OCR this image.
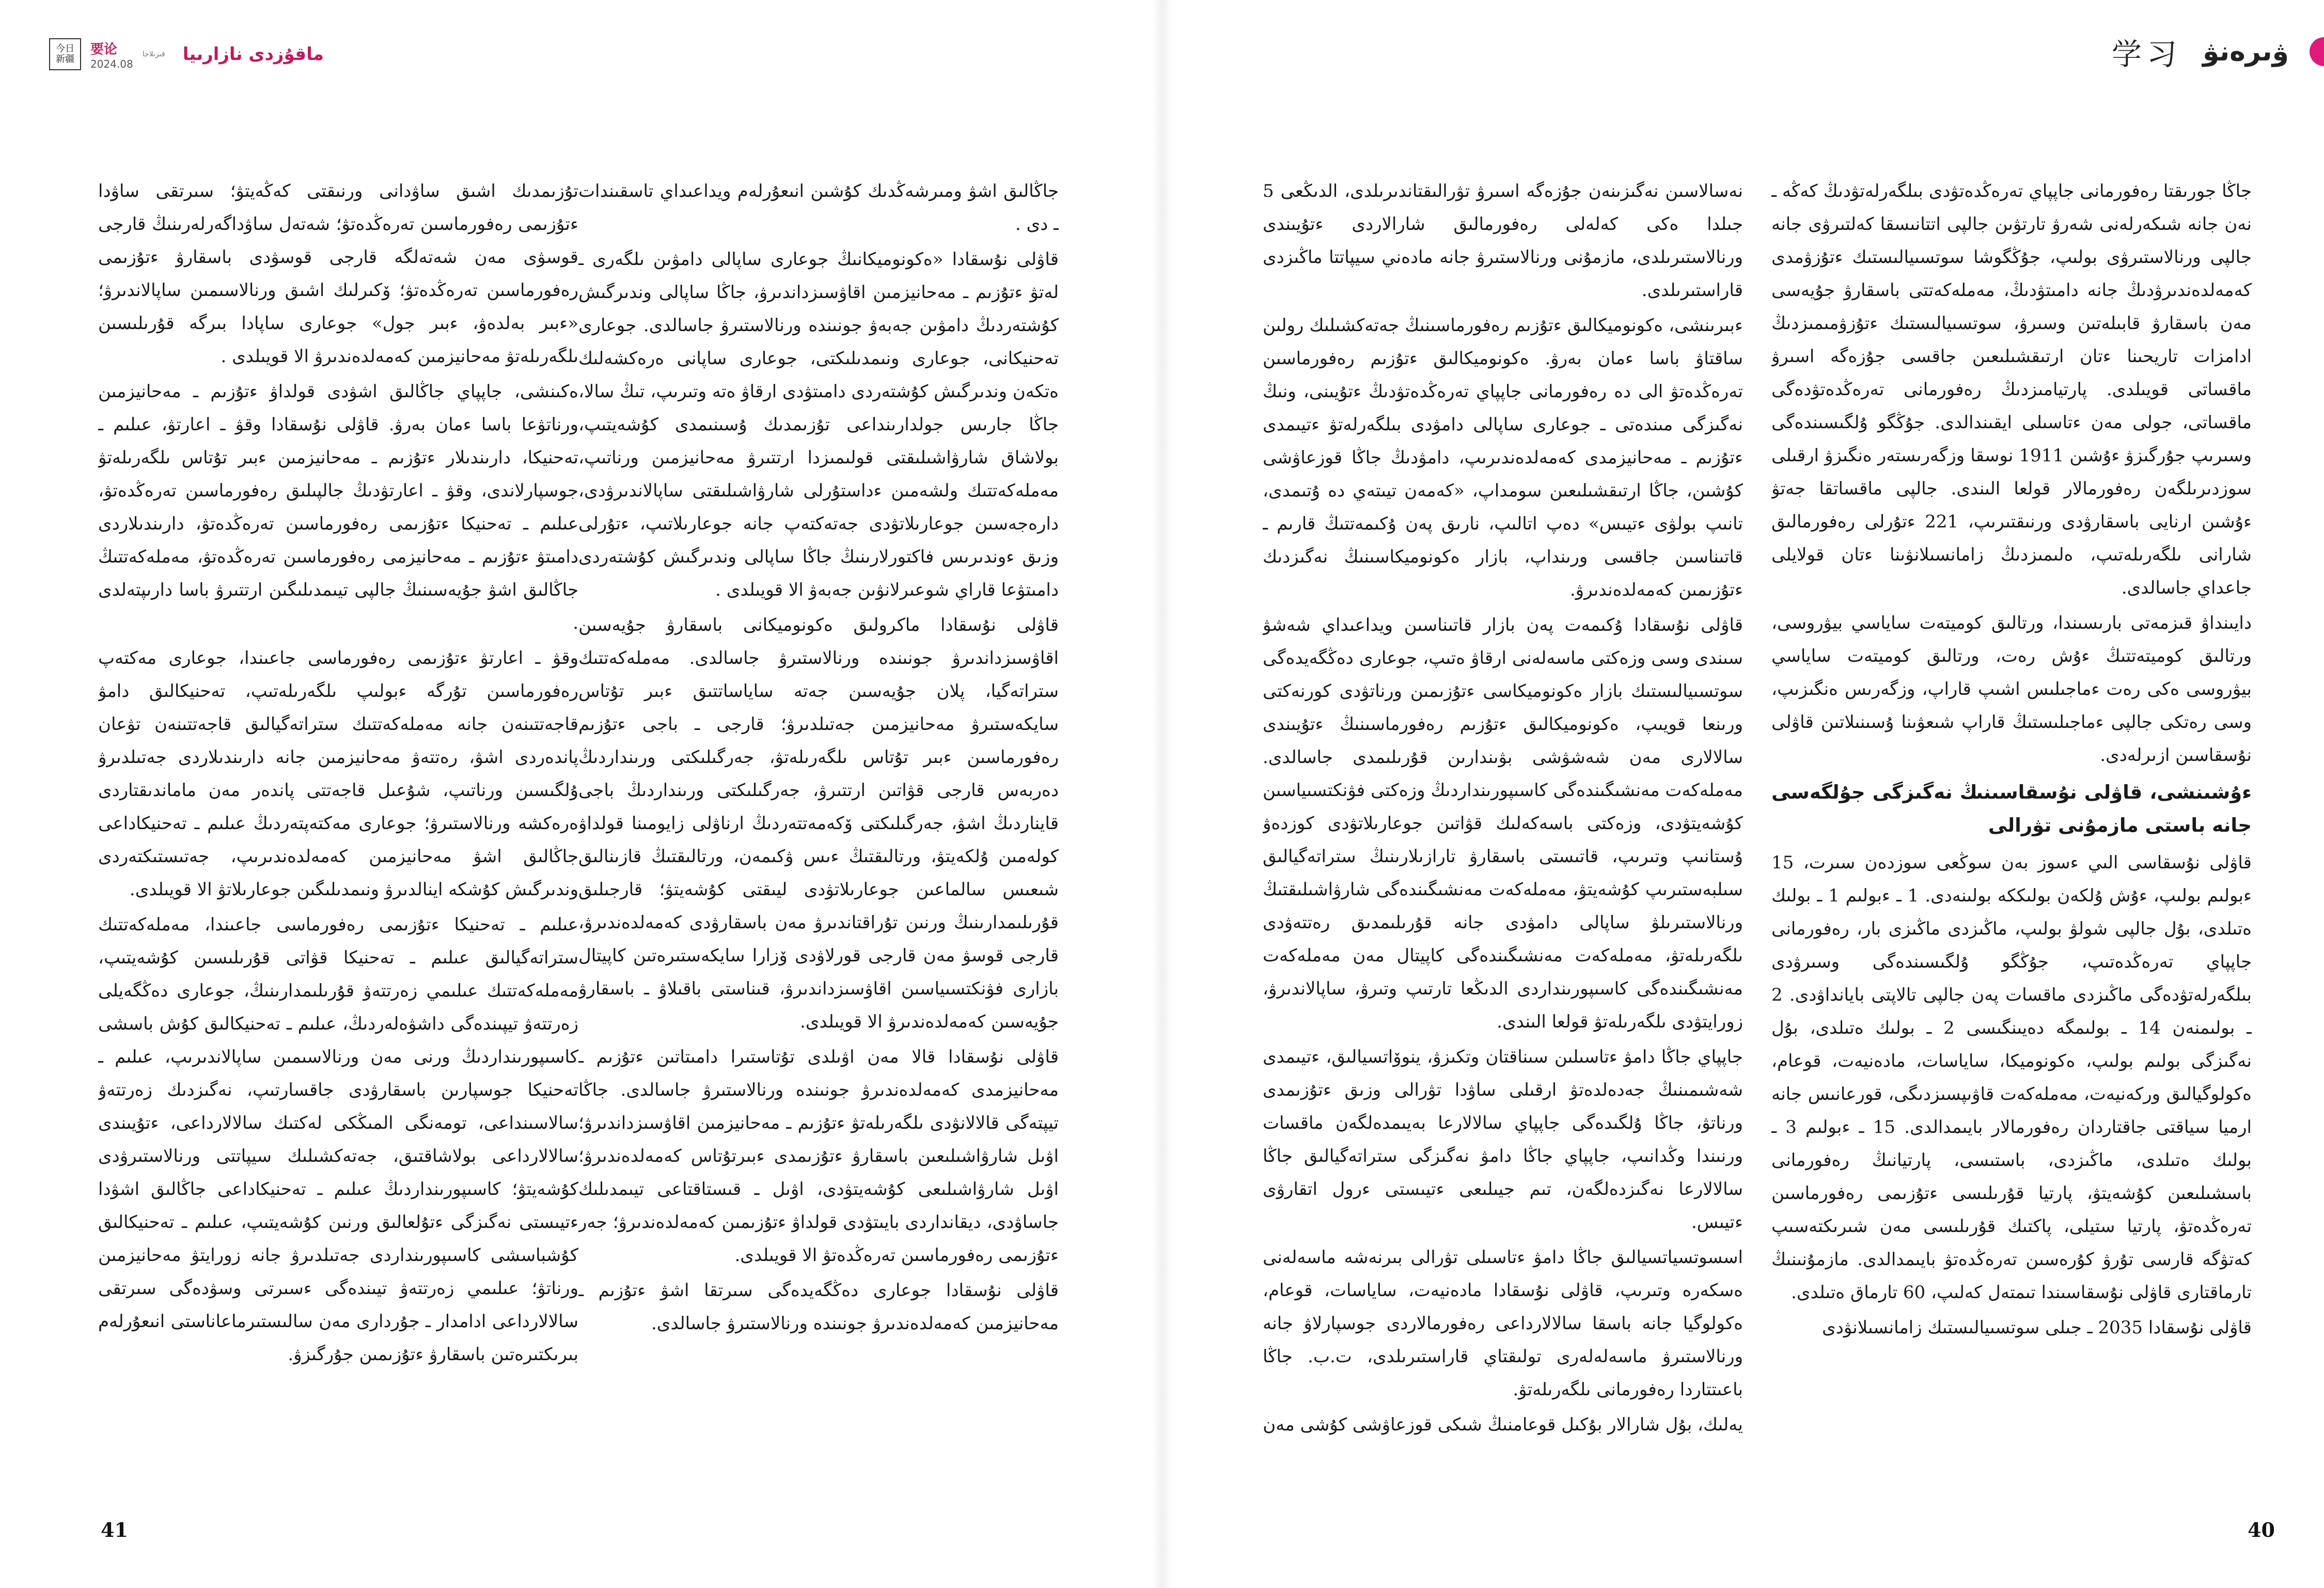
今日
新疆
要论
2024.08
قىزىلاجا	ماقۇزدى نازارىيا

جاڭالىق اشۋ ومىرشەڭدىك كۇشىن انىعۇرلەم ويداعىداي تاسقىندات ـ دى .

قاۋلى نۇسقادا «ەكونوميكانىڭ جوعارى ساپالى دامۋىن ىلگەرى ـ لەتۋ ءتۇزىم ـ مەحانيزمىن اقاۋسىزداندىرۋ، جاڭا ساپالى وندىرگىش كۇشتەردىڭ دامۋىن جەبەۋ جونىندە ورنالاستىرۋ جاسالدى. جوعارى تەحنيكانى، جوعارى ونىمدىلىكتى، جوعارى ساپانى ەرەكشەلىك ەتكەن وندىرگىش كۇشتەردى دامىتۋدى ارقاۋ ەتە وتىرىپ، تىڭ سالا، جاڭا جارىس جولدارىنداعى تۇزىمدىك ۇسىنىمدى كۇشەيتىپ، بولاشاق شارۋاشىلىقتى قولىمىزدا ارتتىرۋ مەحانيزمىن ورناتىپ، مەملەكەتتىك ولشەمىن ءداستۇرلى شارۋاشىلىقتى ساپالاندىرۋدى، دارەجەسىن جوعارىلاتۋدى جەتەكتەپ جانە جوعارىلاتىپ، ءتۇرلى وزىق ءوندىرىس فاكتورلارىنىڭ جاڭا ساپالى وندىرگىش كۇشتەردى دامىتۋعا قاراي شوعىرلانۋىن جەبەۋ الا قويىلدى .

قاۋلى نۇسقادا ماكرولىق ەكونوميكانى باسقارۋ جۇيەسىن اقاۋسىزداندىرۋ جونىندە ورنالاستىرۋ جاسالدى. مەملەكەتتىك ستراتەگيا، پلان جۇيەسىن جەتە ساياساتتىق ءبىر تۇتاس سايكەستىرۋ مەحانيزمىن جەتىلدىرۋ؛ قارجى ـ باجى ءتۇزىم رەفورماسىن ءبىر تۇتاس ىلگەرىلەتۋ، جەرگىلىكتى ورىنداردىڭ دەربەس قارجى قۋاتىن ارتتىرۋ، جەرگىلىكتى ورىنداردىڭ باجى قايناردىڭ اشۋ، جەرگىلىكتى ۆكەمەتتەردىڭ ارناۋلى زايومىنا قولداۋ كولەمىن ۇلكەيتۋ، ورتالىقتىڭ ءىس ۋكىمەن، ورتالىقتىڭ قازىنالىق شىعىس سالماعىن جوعارىلاتۋدى ليىقتى كۇشەيتۋ؛ قارجىلىق قۇرىلىمدارىنىڭ ورنىن تۇراقتاندىرۋ مەن باسقارۋدى كەمەلدەندىرۋ، قارجى قوسۋ مەن قارجى قورلاۋدى ۆزارا سايكەستىرەتىن كاپيتال بازارى فۋنكتسىياسىن اقاۋسىزداندىرۋ، قىناستى باقىلاۋ ـ باسقارۋ جۇيەسىن كەمەلدەندىرۋ الا قويىلدى.

قاۋلى نۇسقادا قالا مەن اۋىلدى تۇتاستىرا دامىتاتىن ءتۇزىم ـ مەحانيزمدى كەمەلدەندىرۋ جونىندە ورنالاستىرۋ جاسالدى. جاڭا تيپتەگى قالالانۋدى ىلگەرىلەتۋ ءتۇزىم ـ مەحانيزمىن اقاۋسىزداندىرۋ؛ اۋىل شارۋاشىلىعىن باسقارۋ ءتۇزىمدى ءبىرتۇتاس كەمەلدەندىرۋ؛ اۋىل شارۋاشىلىعى كۇشەيتۋدى، اۋىل ـ قىستاقتاعى تيىمدىلىك جاساۋدى، ديقانداردى بايىتۋدى قولداۋ ءتۇزىمىن كەمەلدەندىرۋ؛ جەر ءتۇزىمى رەفورماسىن تەرەڭدەتۋ الا قويىلدى.

قاۋلى نۇسقادا جوعارى دەڭگەيدەگى سىرتقا اشۋ ءتۇزىم ـ مەحانيزمىن كەمەلدەندىرۋ جونىندە ورنالاستىرۋ جاسالدى.

تۇزىمدىك اشىق ساۋدانى ورنىقتى كەڭەيتۋ؛ سىرتقى ساۋدا ءتۇزىمى رەفورماسىن تەرەڭدەتۋ؛ شەتەل ساۋداگەرلەرىنىڭ قارجى قوسۋى مەن شەتەلگە قارجى قوسۋدى باسقارۋ ءتۇزىمى رەفورماسىن تەرەڭدەتۋ؛ ۆكىرلىك اشىق ورنالاسىمىن ساپالاندىرۋ؛ «ءبىر بەلدەۋ، ءبىر جول» جوعارى ساپادا بىرگە قۇرىلىسىن ىلگەرىلەتۋ مەحانيزمىن كەمەلدەندىرۋ الا قويىلدى .

ەكىنشى، جاپپاي جاڭالىق اشۋدى قولداۋ ءتۇزىم ـ مەحانيزمىن ورناتۋعا باسا ءمان بەرۋ. قاۋلى نۇسقادا وقۋ ـ اعارتۋ، عىلىم ـ تەحنيكا، دارىندىلار ءتۇزىم ـ مەحانيزمىن ءبىر تۇتاس ىلگەرىلەتۋ جوسپارلاندى، وقۋ ـ اعارتۋدىڭ جالپىلىق رەفورماسىن تەرەڭدەتۋ، عىلىم ـ تەحنيكا ءتۇزىمى رەفورماسىن تەرەڭدەتۋ، دارىندىلاردى دامىتۋ ءتۇزىم ـ مەحانيزمى رەفورماسىن تەرەڭدەتۋ، مەملەكەتتىڭ جاڭالىق اشۋ جۇيەسىنىڭ جالپى تيىمدىلىگىن ارتتىرۋ باسا دارىپتەلدى .

وقۋ ـ اعارتۋ ءتۇزىمى رەفورماسى جاعىندا، جوعارى مەكتەپ رەفورماسىن تۇرگە ءبولىپ ىلگەرىلەتىپ، تەحنيكالىق دامۋ قاجەتتىنەن جانە مەملەكەتتىك ستراتەگيالىق قاجەتتىنەن تۋعان پاندەردى اشۋ، رەتتەۋ مەحانيزمىن جانە دارىندىلاردى جەتىلدىرۋ ۇلگىسىن ورناتىپ، شۇعىل قاجەتتى پاندەر مەن ماماندىقتاردى ەرەكشە ورنالاستىرۋ؛ جوعارى مەكتەپتەردىڭ عىلىم ـ تەحنيكاداعى جاڭالىق اشۋ مەحانيزمىن كەمەلدەندىرىپ، جەتىستىكتەردى وندىرگىش كۇشكە اينالدىرۋ ونىمدىلىگىن جوعارىلاتۋ الا قويىلدى.

عىلىم ـ تەحنيكا ءتۇزىمى رەفورماسى جاعىندا، مەملەكەتتىك ستراتەگيالىق عىلىم ـ تەحنيكا قۋاتى قۇرىلىسىن كۇشەيتىپ، مەملەكەتتىك عىلىمي زەرتتەۋ قۇرىلىمدارىنىڭ، جوعارى دەڭگەيلى زەرتتەۋ تيپىندەگى داشۋەلەردىڭ، عىلىم ـ تەحنيكالىق كۇش باسشى كاسىپورىنداردىڭ ورنى مەن ورنالاسىمىن ساپالاندىرىپ، عىلىم ـ تەحنيكا جوسپارىن باسقارۋدى جاقسارتىپ، نەگىزدىك زەرتتەۋ سالاسىنداعى، تومەنگى المىڭكى لەكتىك سالالارداعى، ءتۇيىندى سالالارداعى بولاشاقتىق، جەتەكشىلىك سيپاتتى ورنالاستىرۋدى كۇشەيتۋ؛ كاسىپورىنداردىڭ عىلىم ـ تەحنيكاداعى جاڭالىق اشۋدا ءتيىستى نەگىزگى ءتۇلعالىق ورنىن كۇشەيتىپ، عىلىم ـ تەحنيكالىق كۇشباسشى كاسىپورىنداردى جەتىلدىرۋ جانە زورايتۋ مەحانيزمىن ورناتۋ؛ عىلىمي زەرتتەۋ تيىندەگى ءسىرتى وسۋدەگى سىرتقى سالالارداعى ادامدار ـ جۇردارى مەن سالىستىرماعاناستى انىعۇرلەم بىرىكتىرەتىن باسقارۋ ءتۇزىمىن جۇرگىزۋ.

41
学习 ۋىرەنۋ

جاڭا جورىقتا رەفورمانى جاپپاي تەرەڭدەتۋدى بىلگەرلەتۋدىڭ كەڭە ـ نەن جانە شىكەرلەنى شەرۋ تارتۋىن جالپى اتتانىسقا كەلتىرۋى جانە جالپى ورنالاستىرۋى بولىپ، جۇڭگوشا سوتسىيالىستىك ءتۇزۋمدى كەمەلدەندىرۋدىڭ جانە دامىتۋدىڭ، مەملەكەتتى باسقارۋ جۇيەسى مەن باسقارۋ قابىلەتىن وسىرۋ، سوتسىيالىستىك ءتۇزۋمىمىزدىڭ ادامزات تاريحىنا ءتان ارتىقشىلىعىن جاقسى جۇزەگە اسىرۋ ماقساتى قويىلدى. پارتيامىزدىڭ رەفورمانى تەرەڭدەتۋدەگى ماقساتى، جولى مەن ءتاسىلى ايقىندالدى. جۇڭگو ۇلگىسىندەگى وسىرىپ جۇرگىزۋ ءۇشىن 1911 نوسقا وزگەرىستەر ەنگىزۋ ارقىلى سوزدىرىلگەن رەفورمالار قولعا الىندى. جالپى ماقساتقا جەتۋ ءۇشىن ارنايى باسقارۋدى ورنىقتىرىپ، 221 ءتۇرلى رەفورمالىق شارانى ىلگەرىلەتىپ، ەلىمىزدىڭ زامانسىلانۋىنا ءتان قولايلى جاعداي جاسالدى.

دايىنداۋ قىزمەتى بارىسىندا، ورتالىق كوميتەت ساياسي بيۋروسى، ورتالىق كوميتەتتىڭ ءۇش رەت، ورتالىق كوميتەت ساياسي بيۋروسى ەكى رەت ءماجىلىس اشىپ قاراپ، وزگەرىس ەنگىزىپ، وسى رەتكى جالپى ءماجىلىستىڭ قاراپ شىعۋىنا ۇسىنىلاتىن قاۋلى نۇسقاسىن ازىرلەدى.

ءۇشىنشى، قاۋلى نۇسقاسىنىڭ نەگىزگى جۇلگەسى جانە باستى مازمۇنى تۋرالى

قاۋلى نۇسقاسى الىي ءسوز بەن سوڭعى سوزدەن سىرت، 15 ءبولىم بولىپ، ءۇش ۇلكەن بولىككە بولىنەدى. 1 ـ ءبولىم 1 ـ بولىك ەتىلدى، بۇل جالپى شولۋ بولىپ، ماڭىزدى ماڭىزى بار، رەفورمانى جاپپاي تەرەڭدەتىپ، جۇڭگو ۇلگىسىندەگى وسىرۋدى بىلگەرلەتۋدەگى ماڭىزدى ماقسات پەن جالپى تالاپتى بايانداۋدى. 2 ـ بولىمنەن 14 ـ بولىمگە دەيىنگىسى 2 ـ بولىك ەتىلدى، بۇل نەگىزگى بولىم بولىپ، ەكونوميكا، ساياسات، مادەنيەت، قوعام، ەكولوگيالىق وركەنيەت، مەملەكەت قاۋىپسىزدىگى، قورعانىس جانە ارميا سياقتى جاقتاردان رەفورمالار بايىمدالدى. 15 ـ ءبولىم 3 ـ بولىك ەتىلدى، ماڭىزدى، باستىسى، پارتيانىڭ رەفورمانى باسشىلىعىن كۇشەيتۋ، پارتيا قۇرىلىسى ءتۇزىمى رەفورماسىن تەرەڭدەتۋ، پارتيا ستيلى، پاكتىك قۇرىلىسى مەن شىرىكتەسىپ كەتۋگە قارسى تۇرۋ كۇرەسىن تەرەڭدەتۋ بايىمدالدى. مازمۇنىنىڭ تارماقتارى قاۋلى نۇسقاسىندا تىمتەل كەلىپ، 60 تارماق ەتىلدى.

قاۋلى نۇسقادا 2035 ـ جىلى سوتسىيالىستىك زامانسىلانۋدى

نەسالاسىن نەگىزىنەن جۇزەگە اسىرۋ تۋرالىقتاندىرىلدى، الدىڭعى 5 جىلدا ەكى كەلەلى رەفورمالىق شارالاردى ءتۇيىندى ورنالاستىرىلدى، مازمۇنى ورنالاستىرۋ جانە مادەني سيپاتتا ماڭىزدى قاراستىرىلدى.

ءبىرىنشى، ەكونوميكالىق ءتۇزىم رەفورماسىنىڭ جەتەكشىلىك رولىن ساقتاۋ باسا ءمان بەرۋ. ەكونوميكالىق ءتۇزىم رەفورماسىن تەرەڭدەتۋ الى دە رەفورمانى جاپپاي تەرەڭدەتۋدىڭ ءتۇيىنى، ونىڭ نەگىزگى مىندەتى ـ جوعارى ساپالى دامۋدى بىلگەرلەتۋ ءتيىمدى ءتۇزىم ـ مەحانيزمدى كەمەلدەندىرىپ، دامۋدىڭ جاڭا قوزعاۋشى كۇشىن، جاڭا ارتىقشىلىعىن سومداپ، «كەمەن تيىتەي دە ۇتىمدى، تانىپ بولۋى ءتيىس» دەپ اتالىپ، نارىق پەن ۇكىمەتتىڭ قارىم ـ قاتىناسىن جاقسى ورىنداپ، بازار ەكونوميكاسىنىڭ نەگىزدىك ءتۇزىمىن كەمەلدەندىرۋ.

قاۋلى نۇسقادا ۇكىمەت پەن بازار قاتىناسىن ويداعىداي شەشۋ سىندى وسى وزەكتى ماسەلەنى ارقاۋ ەتىپ، جوعارى دەڭگەيدەگى سوتسىيالىستىك بازار ەكونوميكاسى ءتۇزىمىن ورناتۋدى كورنەكتى ورىنعا قويىپ، ەكونوميكالىق ءتۇزىم رەفورماسىنىڭ ءتۇيىندى سالالارى مەن شەشۋشى بۋىندارىن قۇرىلىمدى جاسالدى. مەملەكەت مەنشىگىندەگى كاسىپورىنداردىڭ وزەكتى فۋنكتسىياسىن كۇشەيتۋدى، وزەكتى باسەكەلىك قۋاتىن جوعارىلاتۋدى كوزدەۋ ۇستانىپ وتىرىپ، قاتىستى باسقارۋ تارازىلارىنىڭ ستراتەگيالىق سىلبەستىرىپ كۇشەيتۋ، مەملەكەت مەنشىگىندەگى شارۋاشىلىقتىڭ ورنالاستىرىلۋ ساپالى دامۋدى جانە قۇرىلىمدىق رەتتەۋدى ىلگەرىلەتۋ، مەملەكەت مەنشىگىندەگى كاپيتال مەن مەملەكەت مەنشىگىندەگى كاسىپورىنداردى الدىڭعا تارتىپ وتىرۋ، ساپالاندىرۋ، زورايتۋدى ىلگەرىلەتۋ قولعا الىندى.

جاپپاي جاڭا دامۋ ءتاسىلىن سىناقتان وتكىزۋ، ينوۆاتسيالىق، ءتيىمدى شەشىمىنىڭ جەدەلدەتۋ ارقىلى ساۋدا تۋرالى وزىق ءتۇزىمدى ورناتۋ، جاڭا ۇلگىدەگى جاپپاي سالالارعا بەيىمدەلگەن ماقسات ورنىندا وڭدانىپ، جاپپاي جاڭا دامۋ نەگىزگى ستراتەگيالىق جاڭا سالالارعا نەگىزدەلگەن، تىم جيىلىعى ءتيىستى ءرول اتقارۋى ءتيىس.

اسسوتسياتسيالىق جاڭا دامۋ ءتاسىلى تۋرالى بىرنەشە ماسەلەنى ەسكەرە وتىرىپ، قاۋلى نۇسقادا مادەنيەت، ساياسات، قوعام، ەكولوگيا جانە باسقا سالالارداعى رەفورمالاردى جوسپارلاۋ جانە ورنالاستىرۋ ماسەلەلەرى تولىقتاي قاراستىرىلدى، ت.ب. جاڭا باعىتتاردا رەفورمانى ىلگەرىلەتۋ.

يەلىك، بۇل شارالار بۇكىل قوعامنىڭ شىكى قوزعاۋشى كۇشى مەن

40
